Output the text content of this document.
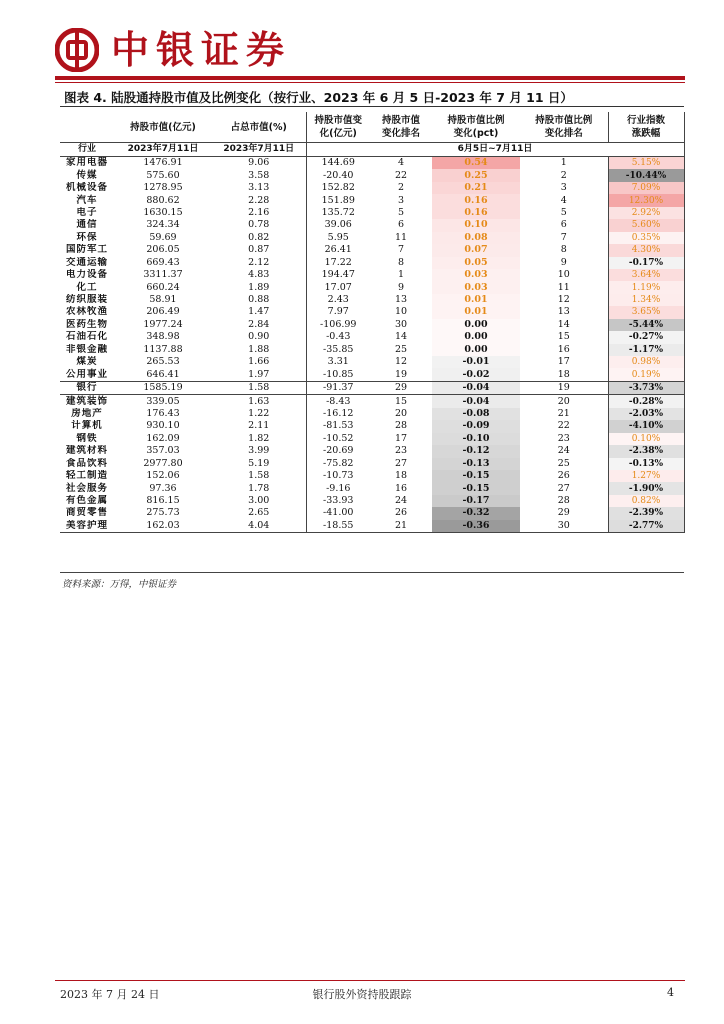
中银证券
图表 4. 陆股通持股市值及比例变化（按行业、2023 年 6 月 5 日-2023 年 7 月 11 日）
	持股市值(亿元)	占总市值(%)	持股市值变化(亿元)	持股市值变化排名	持股市值比例变化(pct)	持股市值比例变化排名	行业指数涨跌幅
行业	2023年7月11日	2023年7月11日	6月5日~7月11日				
家用电器	1476.91	9.06	144.69	4	0.54	1	5.15%
传媒	575.60	3.58	-20.40	22	0.25	2	-10.44%
机械设备	1278.95	3.13	152.82	2	0.21	3	7.09%
汽车	880.62	2.28	151.89	3	0.16	4	12.30%
电子	1630.15	2.16	135.72	5	0.16	5	2.92%
通信	324.34	0.78	39.06	6	0.10	6	5.60%
环保	59.69	0.82	5.95	11	0.08	7	0.35%
国防军工	206.05	0.87	26.41	7	0.07	8	4.30%
交通运输	669.43	2.12	17.22	8	0.05	9	-0.17%
电力设备	3311.37	4.83	194.47	1	0.03	10	3.64%
化工	660.24	1.89	17.07	9	0.03	11	1.19%
纺织服装	58.91	0.88	2.43	13	0.01	12	1.34%
农林牧渔	206.49	1.47	7.97	10	0.01	13	3.65%
医药生物	1977.24	2.84	-106.99	30	0.00	14	-5.44%
石油石化	348.98	0.90	-0.43	14	0.00	15	-0.27%
非银金融	1137.88	1.88	-35.85	25	0.00	16	-1.17%
煤炭	265.53	1.66	3.31	12	-0.01	17	0.98%
公用事业	646.41	1.97	-10.85	19	-0.02	18	0.19%
银行	1585.19	1.58	-91.37	29	-0.04	19	-3.73%
建筑装饰	339.05	1.63	-8.43	15	-0.04	20	-0.28%
房地产	176.43	1.22	-16.12	20	-0.08	21	-2.03%
计算机	930.10	2.11	-81.53	28	-0.09	22	-4.10%
钢铁	162.09	1.82	-10.52	17	-0.10	23	0.10%
建筑材料	357.03	3.99	-20.69	23	-0.12	24	-2.38%
食品饮料	2977.80	5.19	-75.82	27	-0.13	25	-0.13%
轻工制造	152.06	1.58	-10.73	18	-0.15	26	1.27%
社会服务	97.36	1.78	-9.16	16	-0.15	27	-1.90%
有色金属	816.15	3.00	-33.93	24	-0.17	28	0.82%
商贸零售	275.73	2.65	-41.00	26	-0.32	29	-2.39%
美容护理	162.03	4.04	-18.55	21	-0.36	30	-2.77%
资料来源：万得，中银证券
2023 年 7 月 24 日	银行股外资持股跟踪	4
